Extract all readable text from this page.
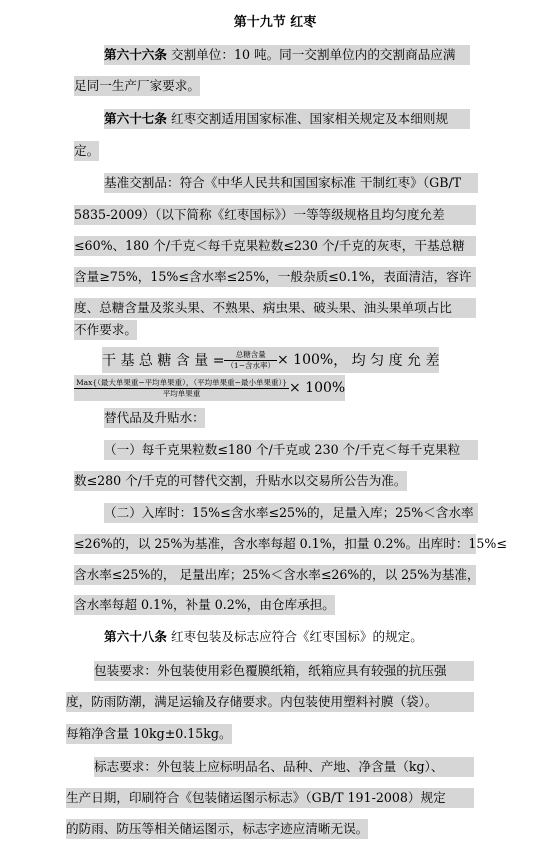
第十九节 红枣
第六十六条 交割单位：10 吨。同一交割单位内的交割商品应满
足同一生产厂家要求。
第六十七条 红枣交割适用国家标准、国家相关规定及本细则规
定。
基准交割品：符合《中华人民共和国国家标准 干制红枣》（GB/T
5835-2009）（以下简称《红枣国标》）一等等级规格且均匀度允差
≤60%、180 个/千克＜每千克果粒数≤230 个/千克的灰枣，干基总糖
含量≥75%，15%≤含水率≤25%，一般杂质≤0.1%，表面清洁，容许
度、总糖含量及浆头果、不熟果、病虫果、破头果、油头果单项占比
不作要求。
干 基 总 糖 含 量 = $\frac{\text{总糖含量}}{\text{（1−含水率）}} \times 100\%$ ， 均 匀 度 允 差
$\frac{\text{Max\{（最大单果重−平均单果重），（平均单果重−最小单果重）\}}}{\text{平均单果重}} \times 100\%$
替代品及升贴水：
（一）每千克果粒数≤180 个/千克或 230 个/千克＜每千克果粒
数≤280 个/千克的可替代交割，升贴水以交易所公告为准。
（二）入库时：15%≤含水率≤25%的，足量入库；25%＜含水率
≤26%的，以 25%为基准，含水率每超 0.1%，扣量 0.2%。出库时：15%≤
含水率≤25%的， 足量出库；25%＜含水率≤26%的，以 25%为基准，
含水率每超 0.1%，补量 0.2%，由仓库承担。
第六十八条 红枣包装及标志应符合《红枣国标》的规定。
包装要求：外包装使用彩色覆膜纸箱，纸箱应具有较强的抗压强
度，防雨防潮，满足运输及存储要求。内包装使用塑料衬膜（袋）。
每箱净含量 10kg±0.15kg。
标志要求：外包装上应标明品名、品种、产地、净含量（kg）、
生产日期，印刷符合《包装储运图示标志》（GB/T 191-2008）规定
的防雨、防压等相关储运图示，标志字迹应清晰无误。
